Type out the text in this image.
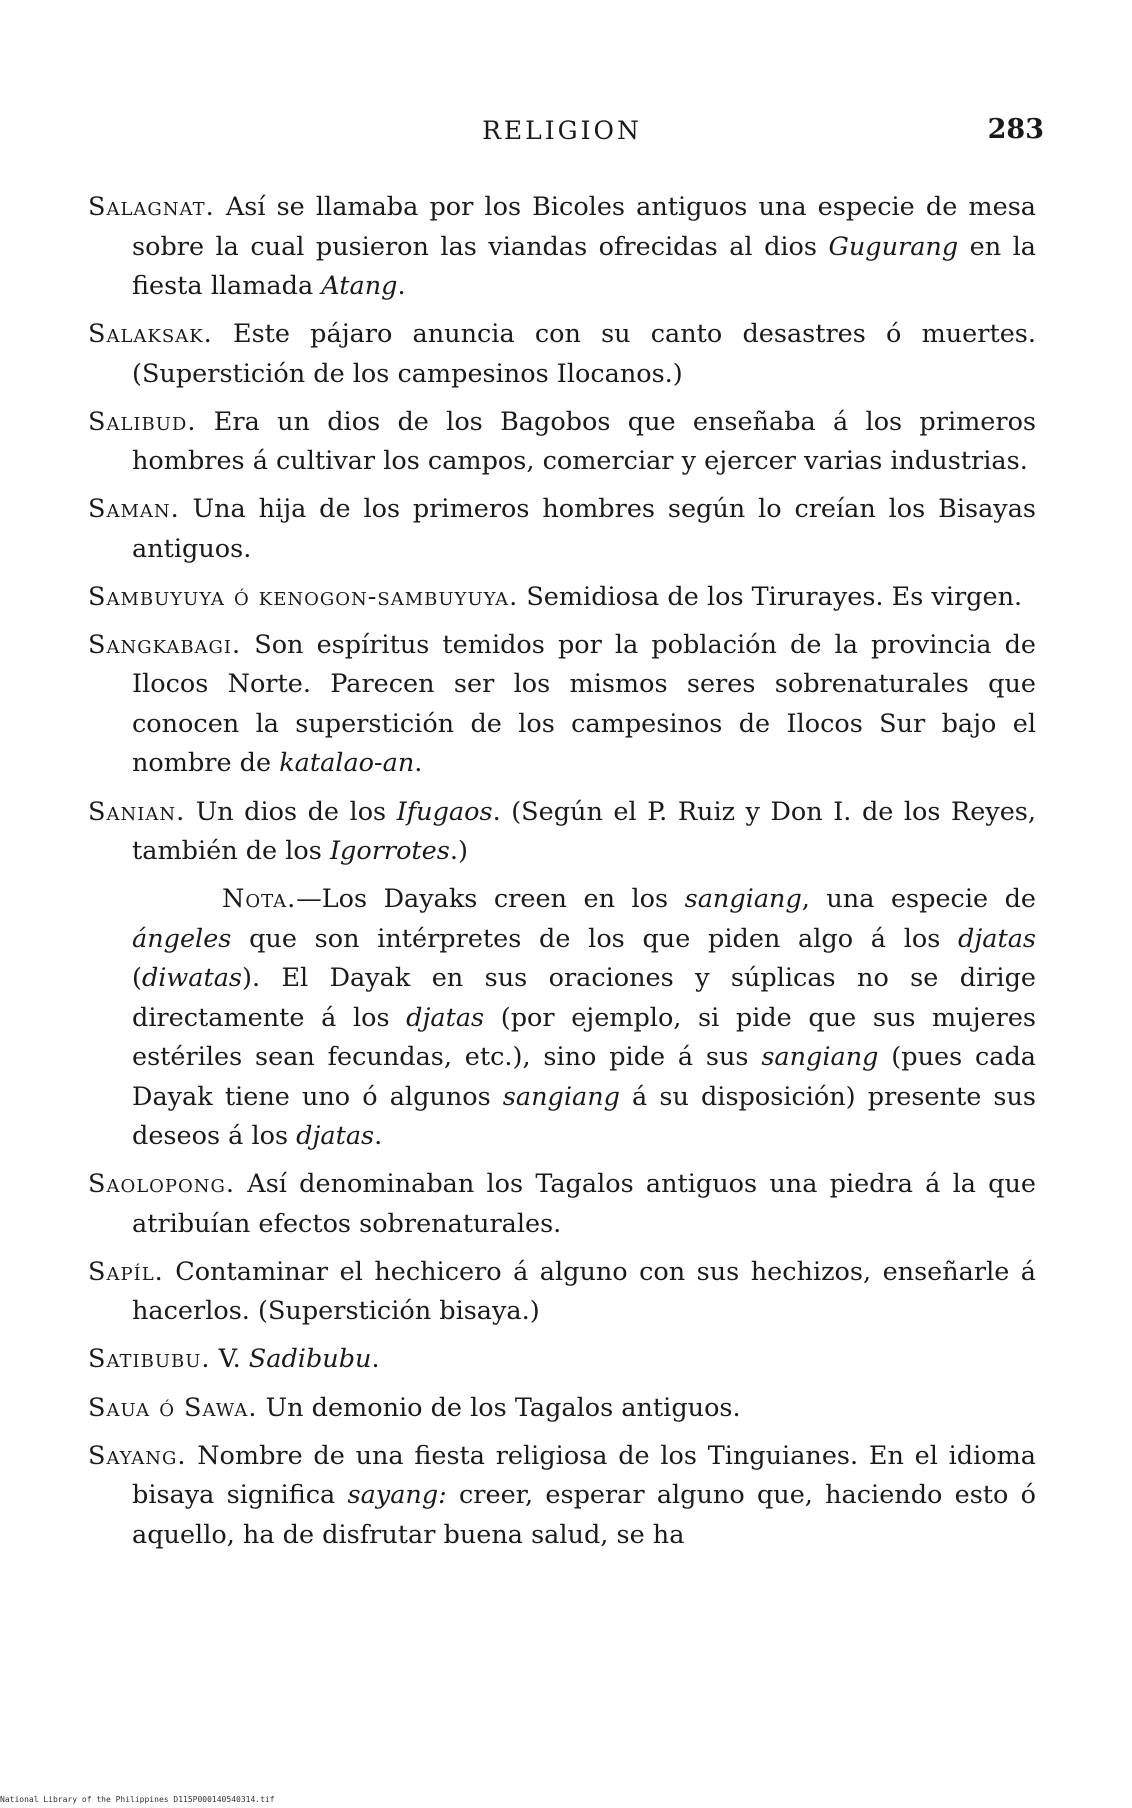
RELIGION	283

Salagnat. Así se llamaba por los Bicoles antiguos una especie de mesa sobre la cual pusieron las viandas ofrecidas al dios Gugurang en la fiesta llamada Atang.

Salaksak. Este pájaro anuncia con su canto desastres ó muertes. (Superstición de los campesinos Ilocanos.)

Salibud. Era un dios de los Bagobos que enseñaba á los primeros hombres á cultivar los campos, comerciar y ejercer varias industrias.

Saman. Una hija de los primeros hombres según lo creían los Bisayas antiguos.

Sambuyuya ó kenogon-sambuyuya. Semidiosa de los Tirurayes. Es virgen.

Sangkabagi. Son espíritus temidos por la población de la provincia de Ilocos Norte. Parecen ser los mismos seres sobrenaturales que conocen la superstición de los campesinos de Ilocos Sur bajo el nombre de katalao-an.

Sanian. Un dios de los Ifugaos. (Según el P. Ruiz y Don I. de los Reyes, también de los Igorrotes.)

Nota.—Los Dayaks creen en los sangiang, una especie de ángeles que son intérpretes de los que piden algo á los djatas (diwatas). El Dayak en sus oraciones y súplicas no se dirige directamente á los djatas (por ejemplo, si pide que sus mujeres estériles sean fecundas, etc.), sino pide á sus sangiang (pues cada Dayak tiene uno ó algunos sangiang á su disposición) presente sus deseos á los djatas.

Saolopong. Así denominaban los Tagalos antiguos una piedra á la que atribuían efectos sobrenaturales.

Sapíl. Contaminar el hechicero á alguno con sus hechizos, enseñarle á hacerlos. (Superstición bisaya.)

Satibubu. V. Sadibubu.

Saua ó Sawa. Un demonio de los Tagalos antiguos.

Sayang. Nombre de una fiesta religiosa de los Tinguianes. En el idioma bisaya significa sayang: creer, esperar alguno que, haciendo esto ó aquello, ha de disfrutar buena salud, se ha

National Library of the Philippines D115P000140540314.tif
